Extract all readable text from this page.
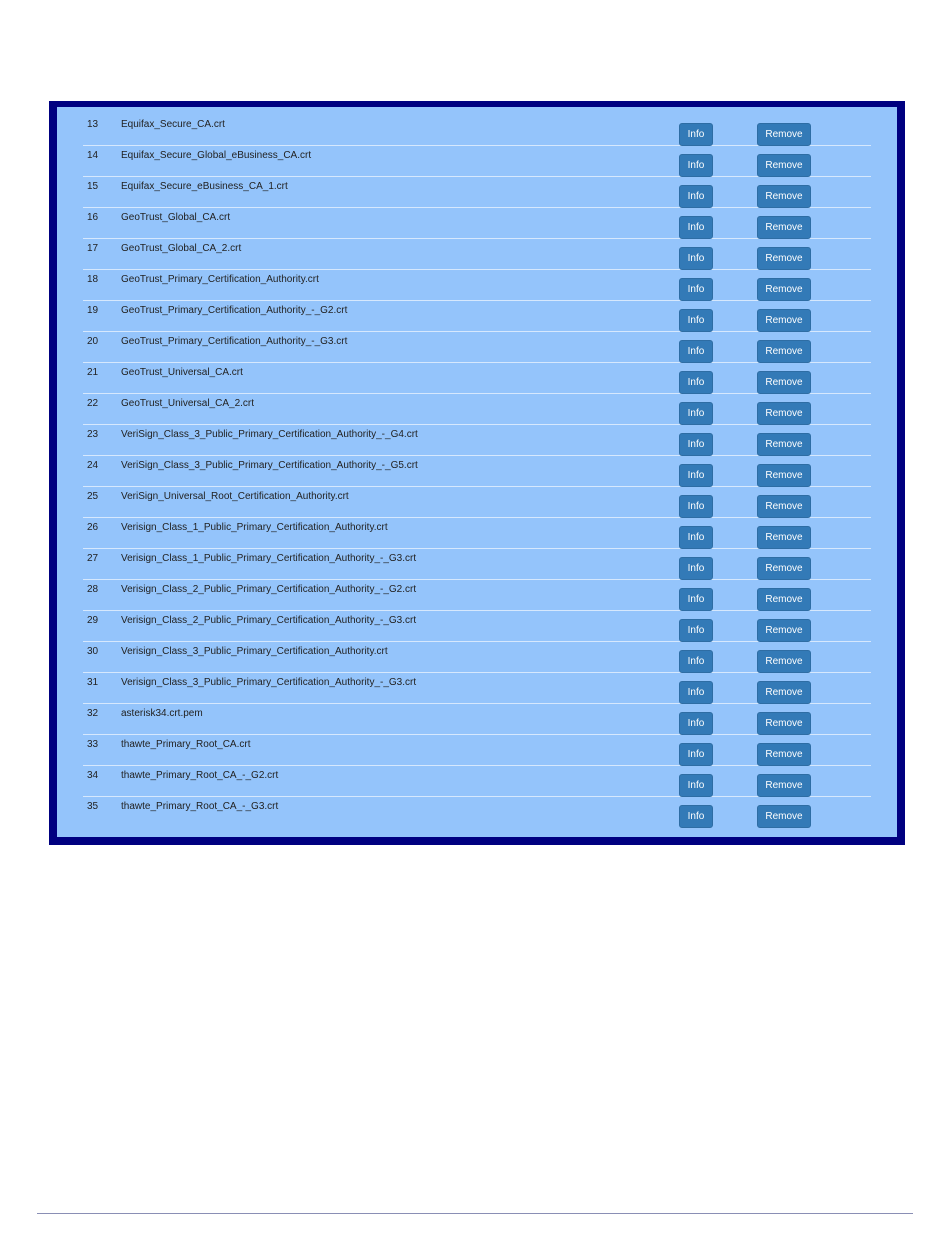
13 Equifax_Secure_CA.crt
Info	Remove
14 Equifax_Secure_Global_eBusiness_CA.crt
Info	Remove
15 Equifax_Secure_eBusiness_CA_1.crt
Info	Remove
16 GeoTrust_Global_CA.crt
Info	Remove
17 GeoTrust_Global_CA_2.crt
Info	Remove
18 GeoTrust_Primary_Certification_Authority.crt
Info	Remove
19 GeoTrust_Primary_Certification_Authority_-_G2.crt
Info	Remove
20 GeoTrust_Primary_Certification_Authority_-_G3.crt
Info	Remove
21 GeoTrust_Universal_CA.crt
Info	Remove
22 GeoTrust_Universal_CA_2.crt
Info	Remove
23 VeriSign_Class_3_Public_Primary_Certification_Authority_-_G4.crt
Info	Remove
24 VeriSign_Class_3_Public_Primary_Certification_Authority_-_G5.crt
Info	Remove
25 VeriSign_Universal_Root_Certification_Authority.crt
Info	Remove
26 Verisign_Class_1_Public_Primary_Certification_Authority.crt
Info	Remove
27 Verisign_Class_1_Public_Primary_Certification_Authority_-_G3.crt
Info	Remove
28 Verisign_Class_2_Public_Primary_Certification_Authority_-_G2.crt
Info	Remove
29 Verisign_Class_2_Public_Primary_Certification_Authority_-_G3.crt
Info	Remove
30 Verisign_Class_3_Public_Primary_Certification_Authority.crt
Info	Remove
31 Verisign_Class_3_Public_Primary_Certification_Authority_-_G3.crt
Info	Remove
32 asterisk34.crt.pem
Info	Remove
33 thawte_Primary_Root_CA.crt
Info	Remove
34 thawte_Primary_Root_CA_-_G2.crt
Info	Remove
35 thawte_Primary_Root_CA_-_G3.crt
Info	Remove
